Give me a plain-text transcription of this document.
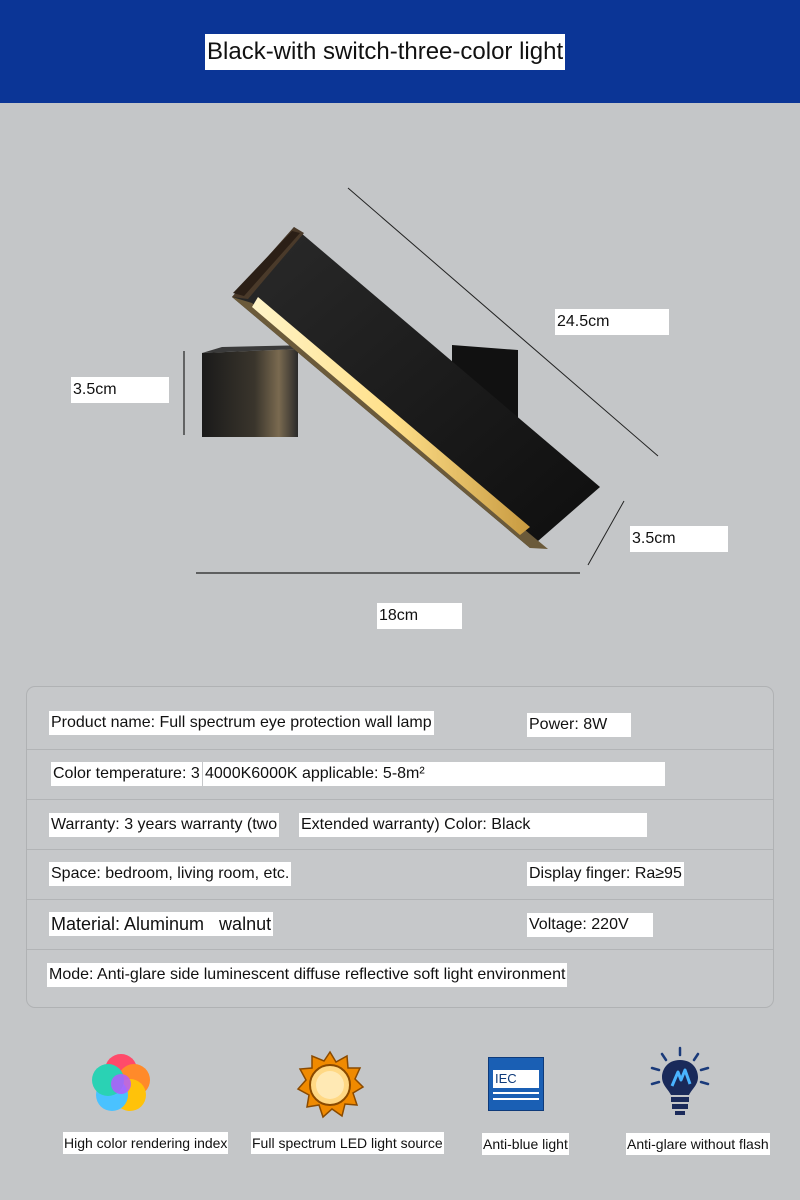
Black-with switch-three-color light
24.5cm
3.5cm
3.5cm
18cm
Product name: Full spectrum eye protection wall lamp	Power: 8W
Color temperature: 3 4000K6000K applicable: 5-8m²
Warranty: 3 years warranty (two Extended warranty) Color: Black
Space: bedroom, living room, etc.	Display finger: Ra≥95
Material: Aluminum   walnut	Voltage: 220V
Mode: Anti-glare side luminescent diffuse reflective soft light environment
High color rendering index Full spectrum LED light source
IEC
Anti-blue light	Anti-glare without flash
